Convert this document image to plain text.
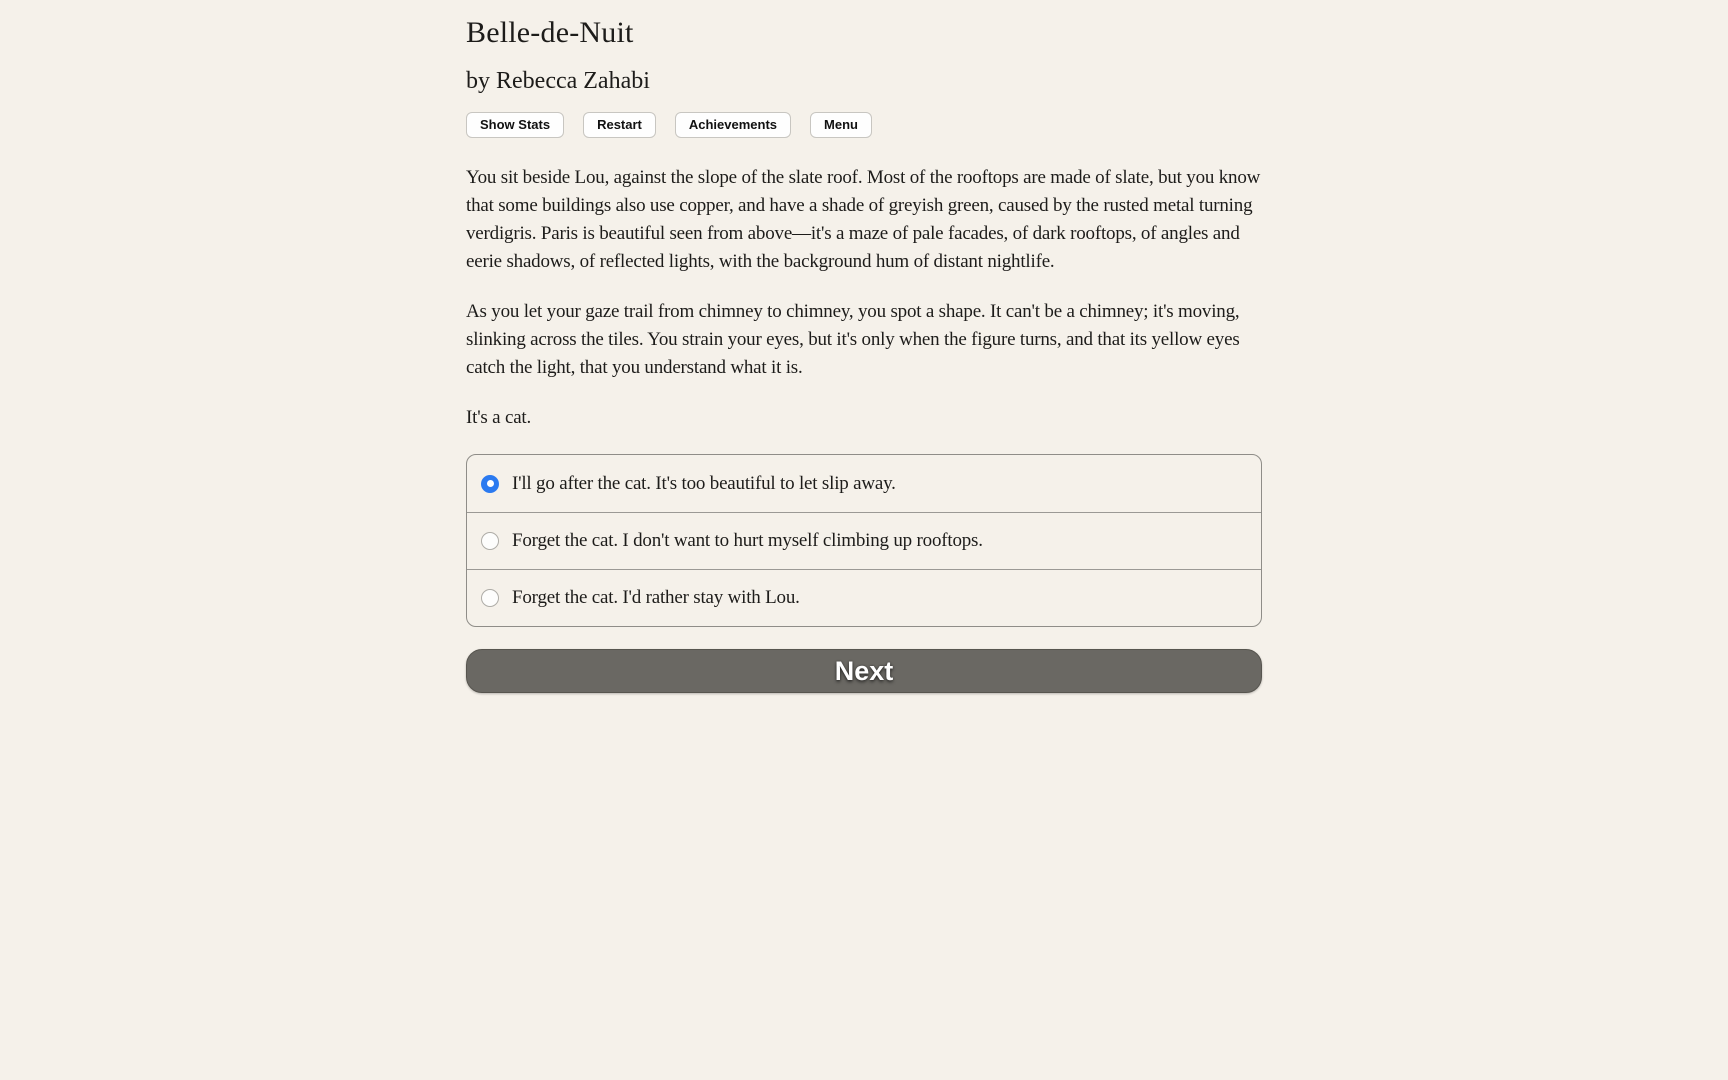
Belle-de-Nuit

by Rebecca Zahabi

Show Stats	Restart	Achievements	Menu

You sit beside Lou, against the slope of the slate roof. Most of the rooftops are made of slate, but you know that some buildings also use copper, and have a shade of greyish green, caused by the rusted metal turning verdigris. Paris is beautiful seen from above—it's a maze of pale facades, of dark rooftops, of angles and eerie shadows, of reflected lights, with the background hum of distant nightlife.

As you let your gaze trail from chimney to chimney, you spot a shape. It can't be a chimney; it's moving, slinking across the tiles. You strain your eyes, but it's only when the figure turns, and that its yellow eyes catch the light, that you understand what it is.

It's a cat.

I'll go after the cat. It's too beautiful to let slip away.
Forget the cat. I don't want to hurt myself climbing up rooftops.
Forget the cat. I'd rather stay with Lou.
Next
